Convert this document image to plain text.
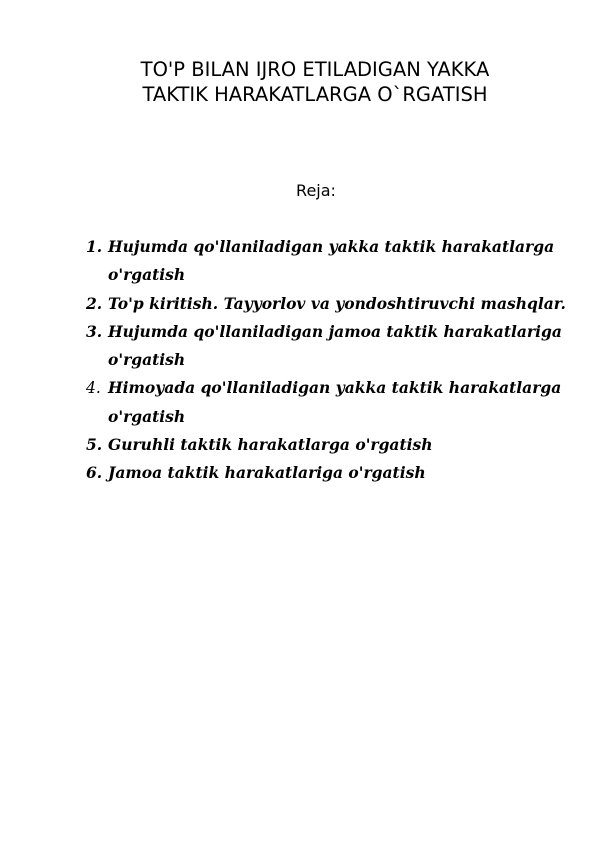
TO'P BILAN IJRO ETILADIGAN YAKKA
TAKTIK HARAKATLARGA O`RGATISH

Reja:

1. Hujumda qo'llaniladigan yakka taktik harakatlarga o'rgatish
2. To'p kiritish. Tayyorlov va yondoshtiruvchi mashqlar.
3. Hujumda qo'llaniladigan jamoa taktik harakatlariga o'rgatish
4. Himoyada qo'llaniladigan yakka taktik harakatlarga o'rgatish
5. Guruhli taktik harakatlarga o'rgatish
6. Jamoa taktik harakatlariga o'rgatish
